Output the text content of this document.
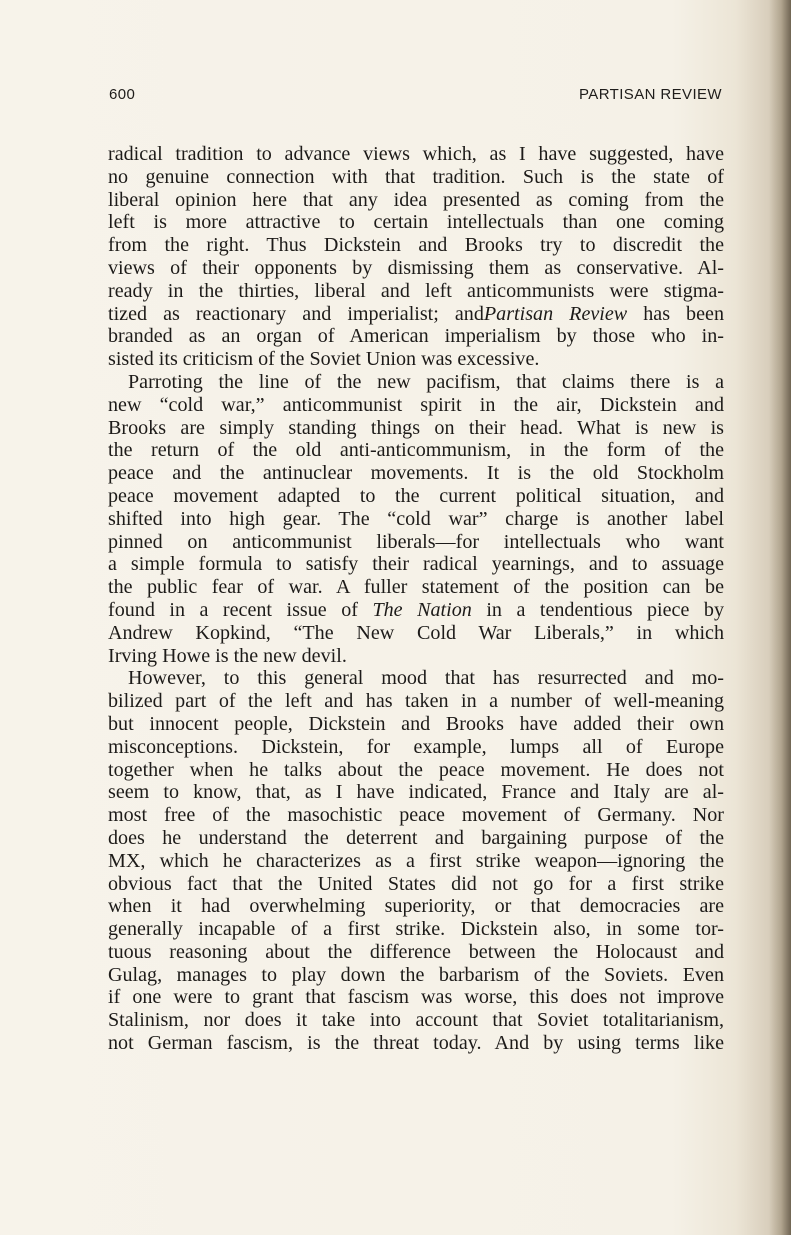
600	PARTISAN REVIEW
radical tradition to advance views which, as I have suggested, have
no genuine connection with that tradition. Such is the state of
liberal opinion here that any idea presented as coming from the
left is more attractive to certain intellectuals than one coming
from the right. Thus Dickstein and Brooks try to discredit the
views of their opponents by dismissing them as conservative. Al-
ready in the thirties, liberal and left anticommunists were stigma-
tized as reactionary and imperialist; andPartisan Review has been
branded as an organ of American imperialism by those who in-
sisted its criticism of the Soviet Union was excessive.
Parroting the line of the new pacifism, that claims there is a
new “cold war,” anticommunist spirit in the air, Dickstein and
Brooks are simply standing things on their head. What is new is
the return of the old anti-anticommunism, in the form of the
peace and the antinuclear movements. It is the old Stockholm
peace movement adapted to the current political situation, and
shifted into high gear. The “cold war” charge is another label
pinned on anticommunist liberals—for intellectuals who want
a simple formula to satisfy their radical yearnings, and to assuage
the public fear of war. A fuller statement of the position can be
found in a recent issue of The Nation in a tendentious piece by
Andrew Kopkind, “The New Cold War Liberals,” in which
Irving Howe is the new devil.
However, to this general mood that has resurrected and mo-
bilized part of the left and has taken in a number of well-meaning
but innocent people, Dickstein and Brooks have added their own
misconceptions. Dickstein, for example, lumps all of Europe
together when he talks about the peace movement. He does not
seem to know, that, as I have indicated, France and Italy are al-
most free of the masochistic peace movement of Germany. Nor
does he understand the deterrent and bargaining purpose of the
MX, which he characterizes as a first strike weapon—ignoring the
obvious fact that the United States did not go for a first strike
when it had overwhelming superiority, or that democracies are
generally incapable of a first strike. Dickstein also, in some tor-
tuous reasoning about the difference between the Holocaust and
Gulag, manages to play down the barbarism of the Soviets. Even
if one were to grant that fascism was worse, this does not improve
Stalinism, nor does it take into account that Soviet totalitarianism,
not German fascism, is the threat today. And by using terms like
